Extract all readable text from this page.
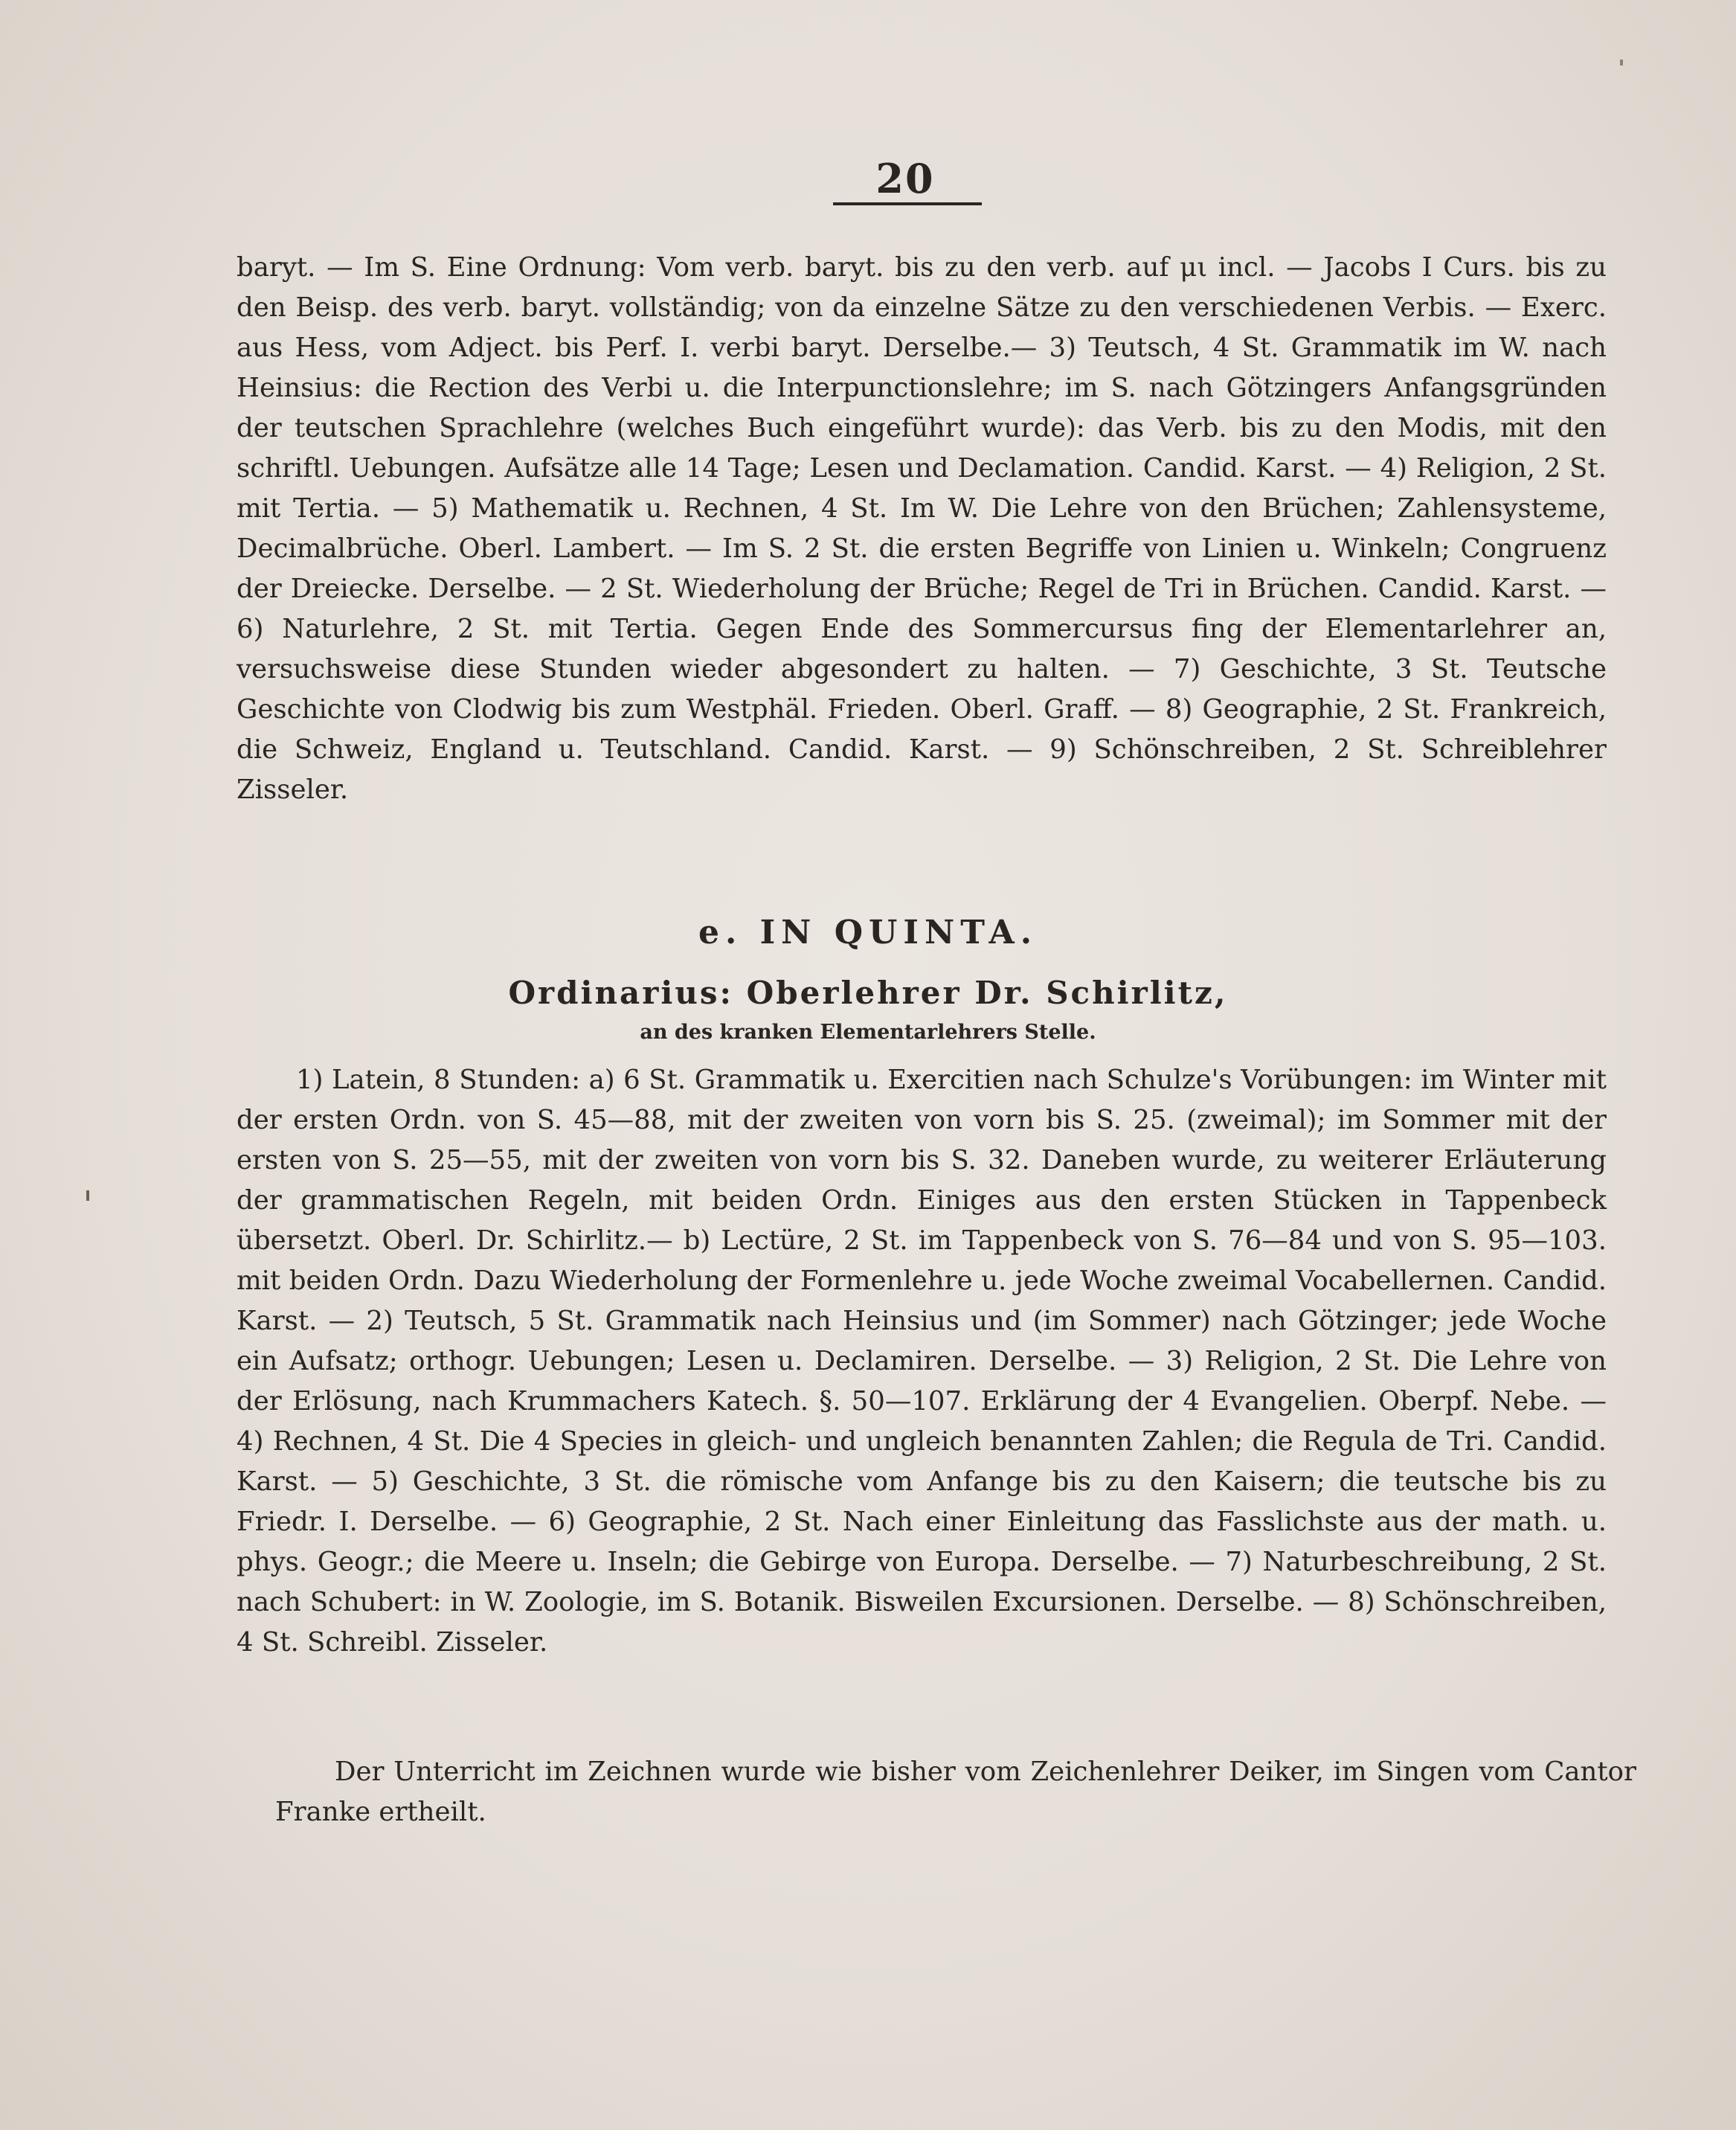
20

baryt. — Im S. Eine Ordnung: Vom verb. baryt. bis zu den verb. auf μι incl. — Jacobs I Curs. bis zu den Beisp. des verb. baryt. vollständig; von da einzelne Sätze zu den verschiedenen Verbis. — Exerc. aus Hess, vom Adject. bis Perf. I. verbi baryt. Derselbe.— 3) Teutsch, 4 St. Grammatik im W. nach Heinsius: die Rection des Verbi u. die Interpunctionslehre; im S. nach Götzingers Anfangsgründen der teutschen Sprachlehre (welches Buch eingeführt wurde): das Verb. bis zu den Modis, mit den schriftl. Uebungen. Aufsätze alle 14 Tage; Lesen und Declamation. Candid. Karst. — 4) Religion, 2 St. mit Tertia. — 5) Mathematik u. Rechnen, 4 St. Im W. Die Lehre von den Brüchen; Zahlensysteme, Decimalbrüche. Oberl. Lambert. — Im S. 2 St. die ersten Begriffe von Linien u. Winkeln; Congruenz der Dreiecke. Derselbe. — 2 St. Wiederholung der Brüche; Regel de Tri in Brüchen. Candid. Karst. — 6) Naturlehre, 2 St. mit Tertia. Gegen Ende des Sommercursus fing der Elementarlehrer an, versuchsweise diese Stunden wieder abgesondert zu halten. — 7) Geschichte, 3 St. Teutsche Geschichte von Clodwig bis zum Westphäl. Frieden. Oberl. Graff. — 8) Geographie, 2 St. Frankreich, die Schweiz, England u. Teutschland. Candid. Karst. — 9) Schönschreiben, 2 St. Schreiblehrer Zisseler.

e. IN QUINTA.
Ordinarius: Oberlehrer Dr. Schirlitz,
an des kranken Elementarlehrers Stelle.

1) Latein, 8 Stunden: a) 6 St. Grammatik u. Exercitien nach Schulze's Vorübungen: im Winter mit der ersten Ordn. von S. 45—88, mit der zweiten von vorn bis S. 25. (zweimal); im Sommer mit der ersten von S. 25—55, mit der zweiten von vorn bis S. 32. Daneben wurde, zu weiterer Erläuterung der grammatischen Regeln, mit beiden Ordn. Einiges aus den ersten Stücken in Tappenbeck übersetzt. Oberl. Dr. Schirlitz.— b) Lectüre, 2 St. im Tappenbeck von S. 76—84 und von S. 95—103. mit beiden Ordn. Dazu Wiederholung der Formenlehre u. jede Woche zweimal Vocabellernen. Candid. Karst. — 2) Teutsch, 5 St. Grammatik nach Heinsius und (im Sommer) nach Götzinger; jede Woche ein Aufsatz; orthogr. Uebungen; Lesen u. Declamiren. Derselbe. — 3) Religion, 2 St. Die Lehre von der Erlösung, nach Krummachers Katech. §. 50—107. Erklärung der 4 Evangelien. Oberpf. Nebe. — 4) Rechnen, 4 St. Die 4 Species in gleich- und ungleich benannten Zahlen; die Regula de Tri. Candid. Karst. — 5) Geschichte, 3 St. die römische vom Anfange bis zu den Kaisern; die teutsche bis zu Friedr. I. Derselbe. — 6) Geographie, 2 St. Nach einer Einleitung das Fasslichste aus der math. u. phys. Geogr.; die Meere u. Inseln; die Gebirge von Europa. Derselbe. — 7) Naturbeschreibung, 2 St. nach Schubert: in W. Zoologie, im S. Botanik. Bisweilen Excursionen. Derselbe. — 8) Schönschreiben, 4 St. Schreibl. Zisseler.

Der Unterricht im Zeichnen wurde wie bisher vom Zeichenlehrer Deiker, im Singen vom Cantor Franke ertheilt.
